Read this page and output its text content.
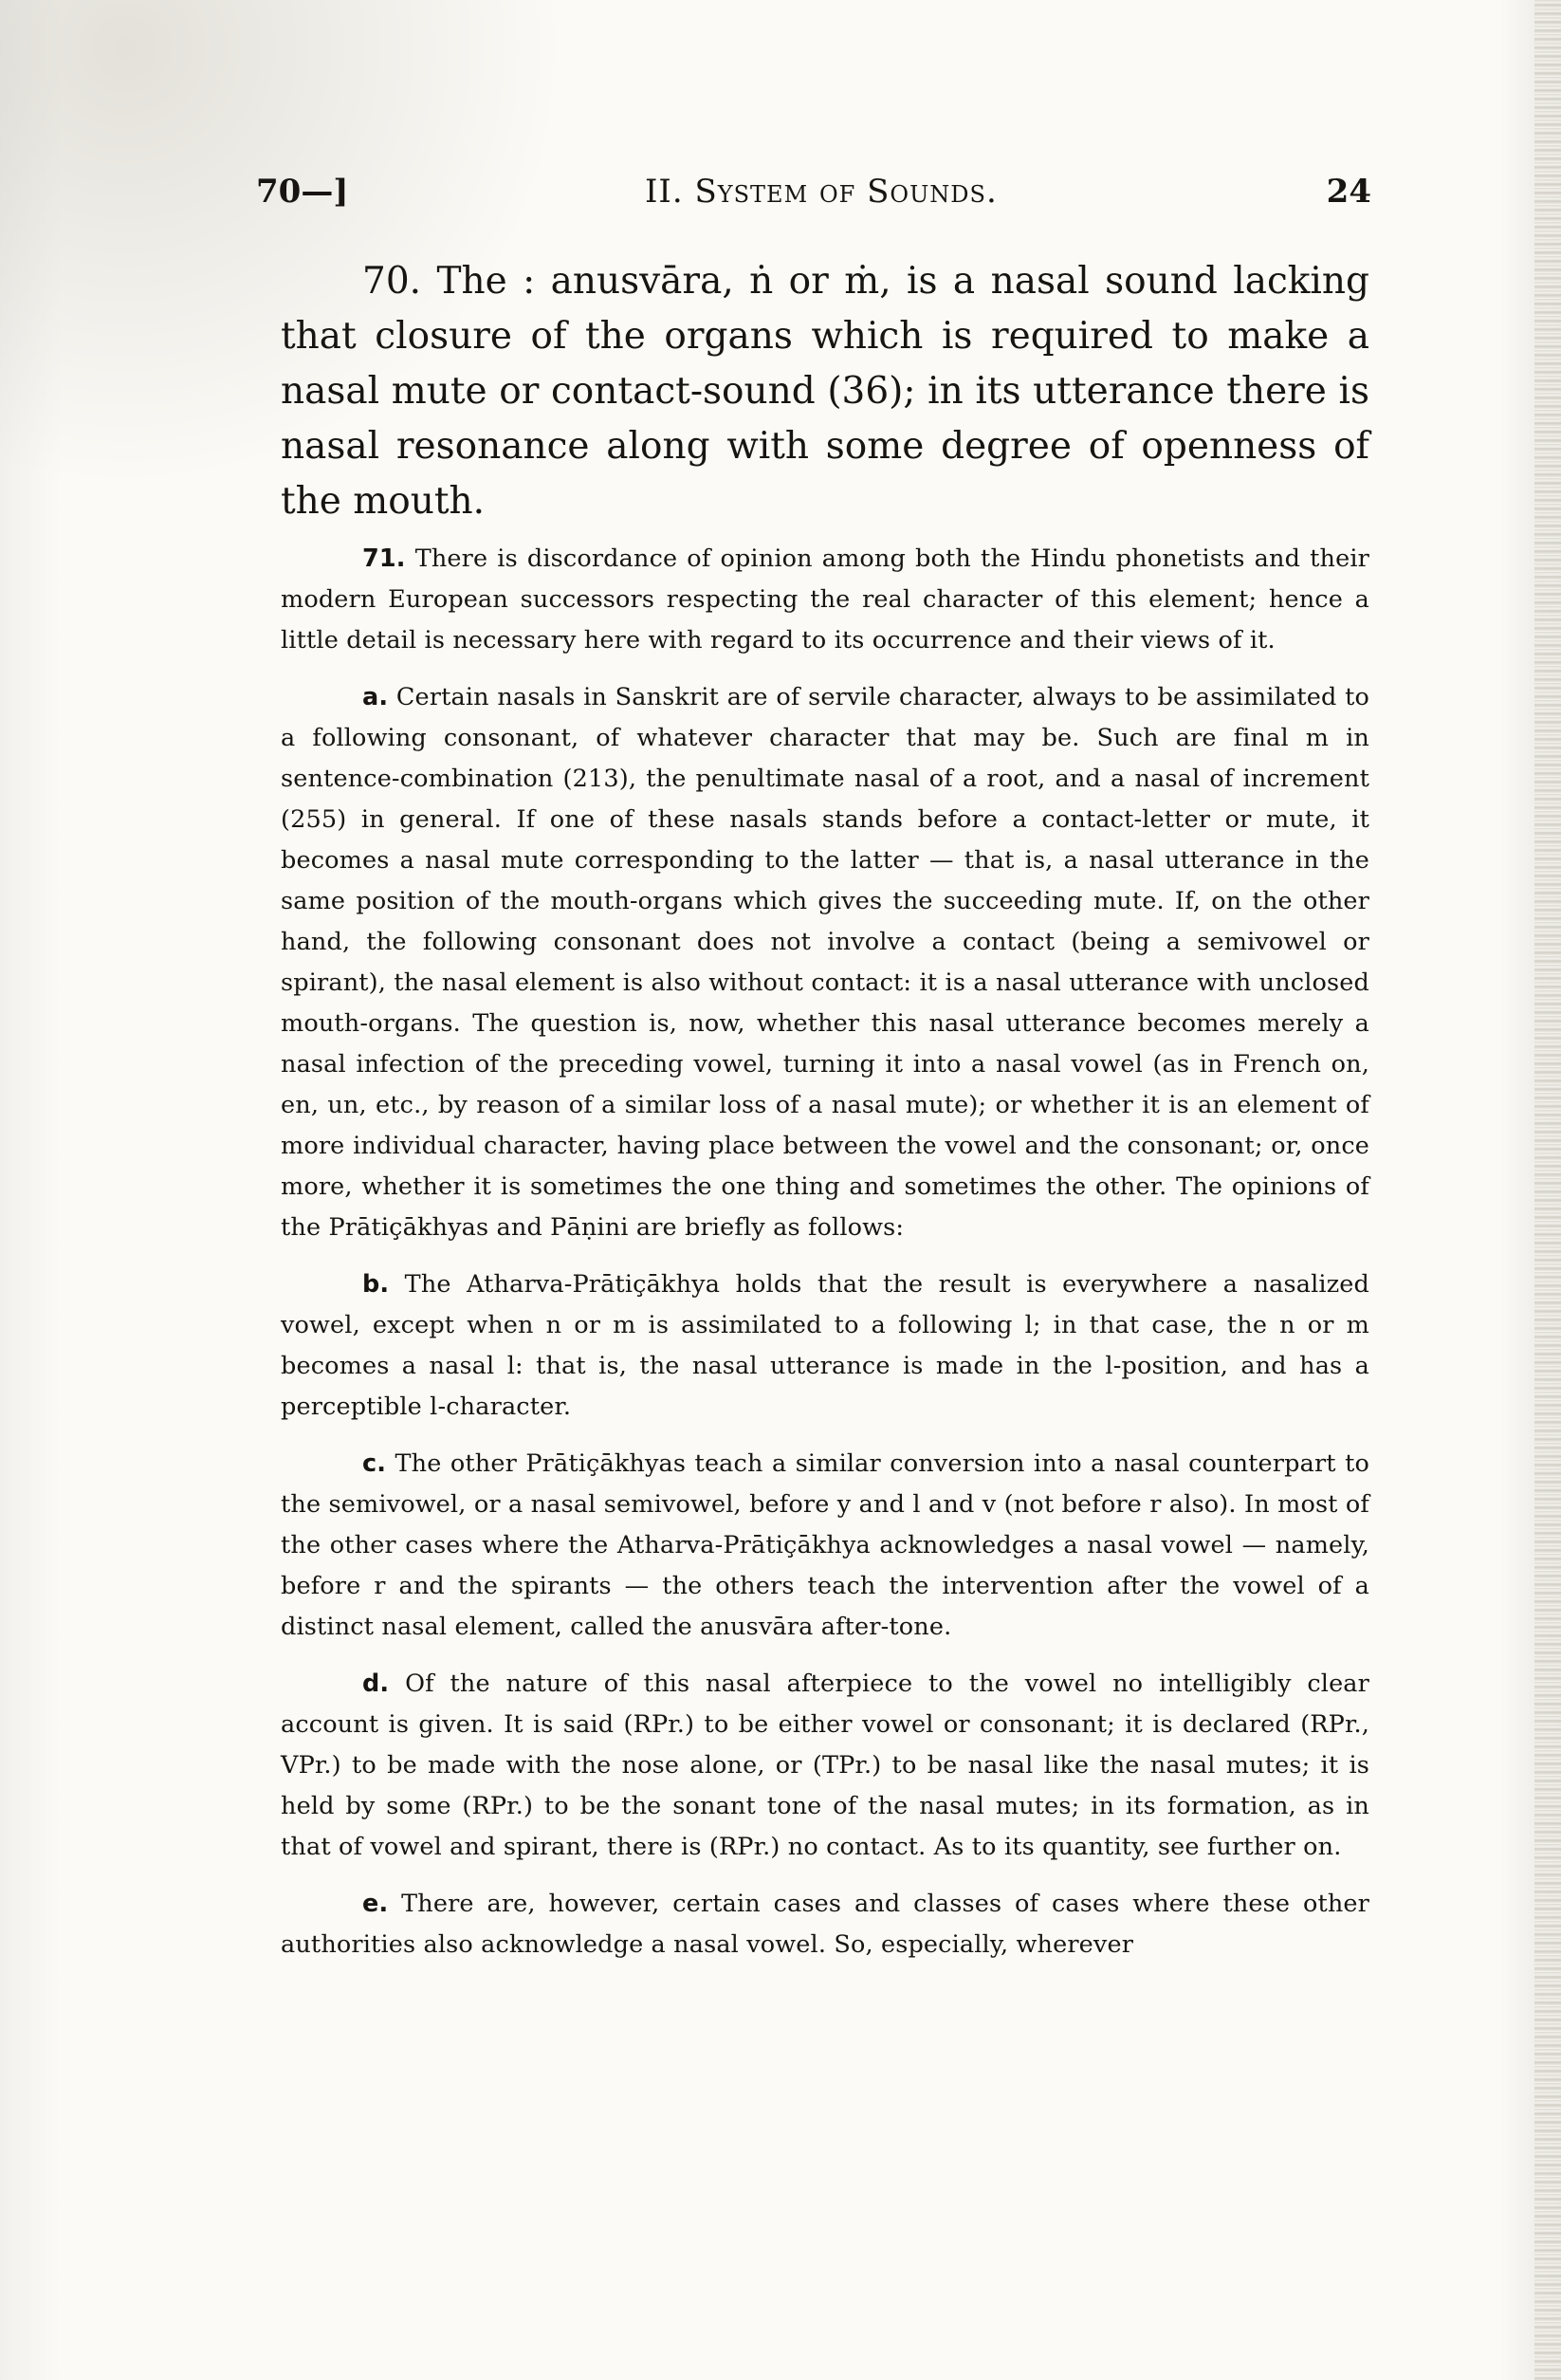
70—]	II. System of Sounds.	24

70. The : anusvāra, ṅ or ṁ, is a nasal sound lacking that closure of the organs which is required to make a nasal mute or contact-sound (36); in its utterance there is nasal resonance along with some degree of openness of the mouth.

71. There is discordance of opinion among both the Hindu phonetists and their modern European successors respecting the real character of this element; hence a little detail is necessary here with regard to its occurrence and their views of it.

a. Certain nasals in Sanskrit are of servile character, always to be assimilated to a following consonant, of whatever character that may be. Such are final m in sentence-combination (213), the penultimate nasal of a root, and a nasal of increment (255) in general. If one of these nasals stands before a contact-letter or mute, it becomes a nasal mute corresponding to the latter — that is, a nasal utterance in the same position of the mouth-organs which gives the succeeding mute. If, on the other hand, the following consonant does not involve a contact (being a semivowel or spirant), the nasal element is also without contact: it is a nasal utterance with unclosed mouth-organs. The question is, now, whether this nasal utterance becomes merely a nasal infection of the preceding vowel, turning it into a nasal vowel (as in French on, en, un, etc., by reason of a similar loss of a nasal mute); or whether it is an element of more individual character, having place between the vowel and the consonant; or, once more, whether it is sometimes the one thing and sometimes the other. The opinions of the Prātiçākhyas and Pāṇini are briefly as follows:

b. The Atharva-Prātiçākhya holds that the result is everywhere a nasalized vowel, except when n or m is assimilated to a following l; in that case, the n or m becomes a nasal l: that is, the nasal utterance is made in the l-position, and has a perceptible l-character.

c. The other Prātiçākhyas teach a similar conversion into a nasal counterpart to the semivowel, or a nasal semivowel, before y and l and v (not before r also). In most of the other cases where the Atharva-Prātiçākhya acknowledges a nasal vowel — namely, before r and the spirants — the others teach the intervention after the vowel of a distinct nasal element, called the anusvāra after-tone.

d. Of the nature of this nasal afterpiece to the vowel no intelligibly clear account is given. It is said (RPr.) to be either vowel or consonant; it is declared (RPr., VPr.) to be made with the nose alone, or (TPr.) to be nasal like the nasal mutes; it is held by some (RPr.) to be the sonant tone of the nasal mutes; in its formation, as in that of vowel and spirant, there is (RPr.) no contact. As to its quantity, see further on.

e. There are, however, certain cases and classes of cases where these other authorities also acknowledge a nasal vowel. So, especially, wherever
